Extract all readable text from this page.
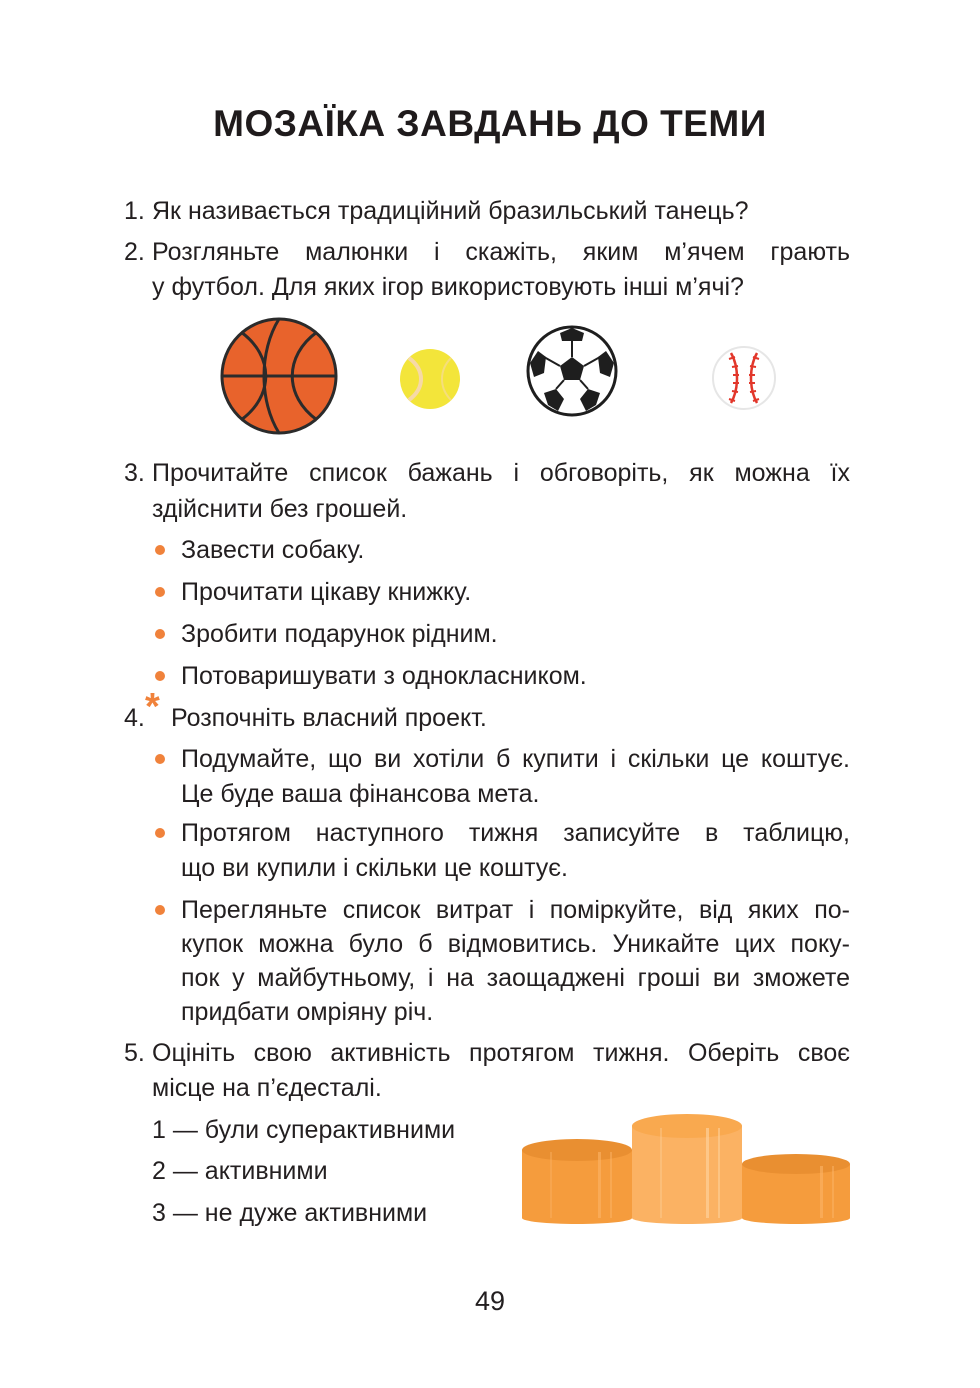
МОЗАЇКА ЗАВДАНЬ ДО ТЕМИ
1. Як називається традиційний бразильський танець?
2. Розгляньте малюнки і скажіть, яким м’ячем грають
у футбол. Для яких ігор використовують інші м’ячі?
3. Прочитайте список бажань і обговоріть, як можна їх
здійснити без грошей.
Завести собаку.
Прочитати цікаву книжку.
Зробити подарунок рідним.
Потоваришувати з однокласником.
4. * Розпочніть власний проект.
Подумайте, що ви хотіли б купити і скільки це коштує.
Це буде ваша фінансова мета.
Протягом наступного тижня записуйте в таблицю,
що ви купили і скільки це коштує.
Перегляньте список витрат і поміркуйте, від яких по-
купок можна було б відмовитись. Уникайте цих поку-
пок у майбутньому, і на заощаджені гроші ви зможете
придбати омріяну річ.
5. Оцініть свою активність протягом тижня. Оберіть своє
місце на п’єдесталі.
1 — були суперактивними
2 — активними
3 — не дуже активними
49
